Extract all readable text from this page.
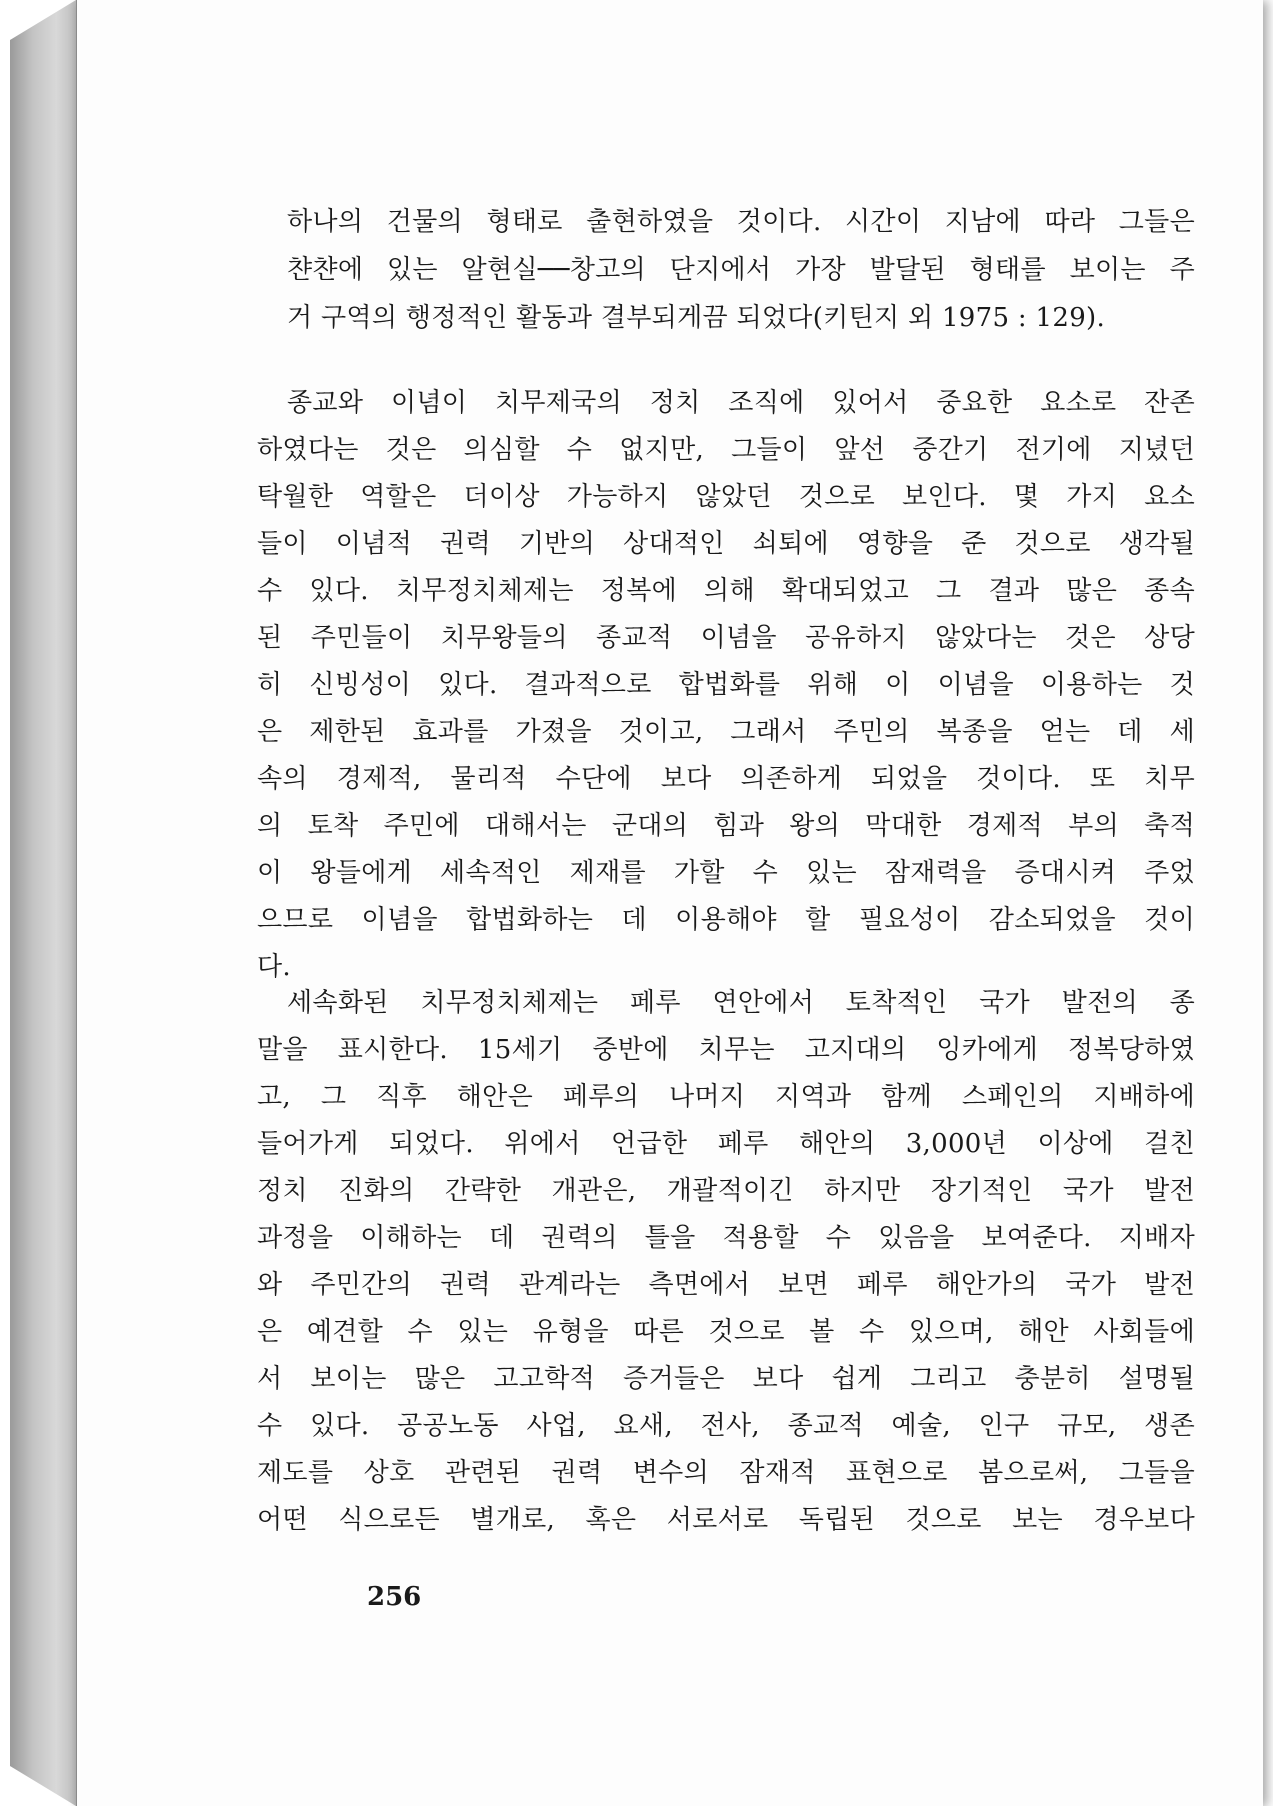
하나의 건물의 형태로 출현하였을 것이다. 시간이 지남에 따라 그들은
챤챤에 있는 알현실──창고의 단지에서 가장 발달된 형태를 보이는 주
거 구역의 행정적인 활동과 결부되게끔 되었다(키틴지 외 1975 : 129).
종교와 이념이 치무제국의 정치 조직에 있어서 중요한 요소로 잔존
하였다는 것은 의심할 수 없지만, 그들이 앞선 중간기 전기에 지녔던
탁월한 역할은 더이상 가능하지 않았던 것으로 보인다. 몇 가지 요소
들이 이념적 권력 기반의 상대적인 쇠퇴에 영향을 준 것으로 생각될
수 있다. 치무정치체제는 정복에 의해 확대되었고 그 결과 많은 종속
된 주민들이 치무왕들의 종교적 이념을 공유하지 않았다는 것은 상당
히 신빙성이 있다. 결과적으로 합법화를 위해 이 이념을 이용하는 것
은 제한된 효과를 가졌을 것이고, 그래서 주민의 복종을 얻는 데 세
속의 경제적, 물리적 수단에 보다 의존하게 되었을 것이다. 또 치무
의 토착 주민에 대해서는 군대의 힘과 왕의 막대한 경제적 부의 축적
이 왕들에게 세속적인 제재를 가할 수 있는 잠재력을 증대시켜 주었
으므로 이념을 합법화하는 데 이용해야 할 필요성이 감소되었을 것이
다.
세속화된 치무정치체제는 페루 연안에서 토착적인 국가 발전의 종
말을 표시한다. 15세기 중반에 치무는 고지대의 잉카에게 정복당하였
고, 그 직후 해안은 페루의 나머지 지역과 함께 스페인의 지배하에
들어가게 되었다. 위에서 언급한 페루 해안의 3,000년 이상에 걸친
정치 진화의 간략한 개관은, 개괄적이긴 하지만 장기적인 국가 발전
과정을 이해하는 데 권력의 틀을 적용할 수 있음을 보여준다. 지배자
와 주민간의 권력 관계라는 측면에서 보면 페루 해안가의 국가 발전
은 예견할 수 있는 유형을 따른 것으로 볼 수 있으며, 해안 사회들에
서 보이는 많은 고고학적 증거들은 보다 쉽게 그리고 충분히 설명될
수 있다. 공공노동 사업, 요새, 전사, 종교적 예술, 인구 규모, 생존
제도를 상호 관련된 권력 변수의 잠재적 표현으로 봄으로써, 그들을
어떤 식으로든 별개로, 혹은 서로서로 독립된 것으로 보는 경우보다
256
